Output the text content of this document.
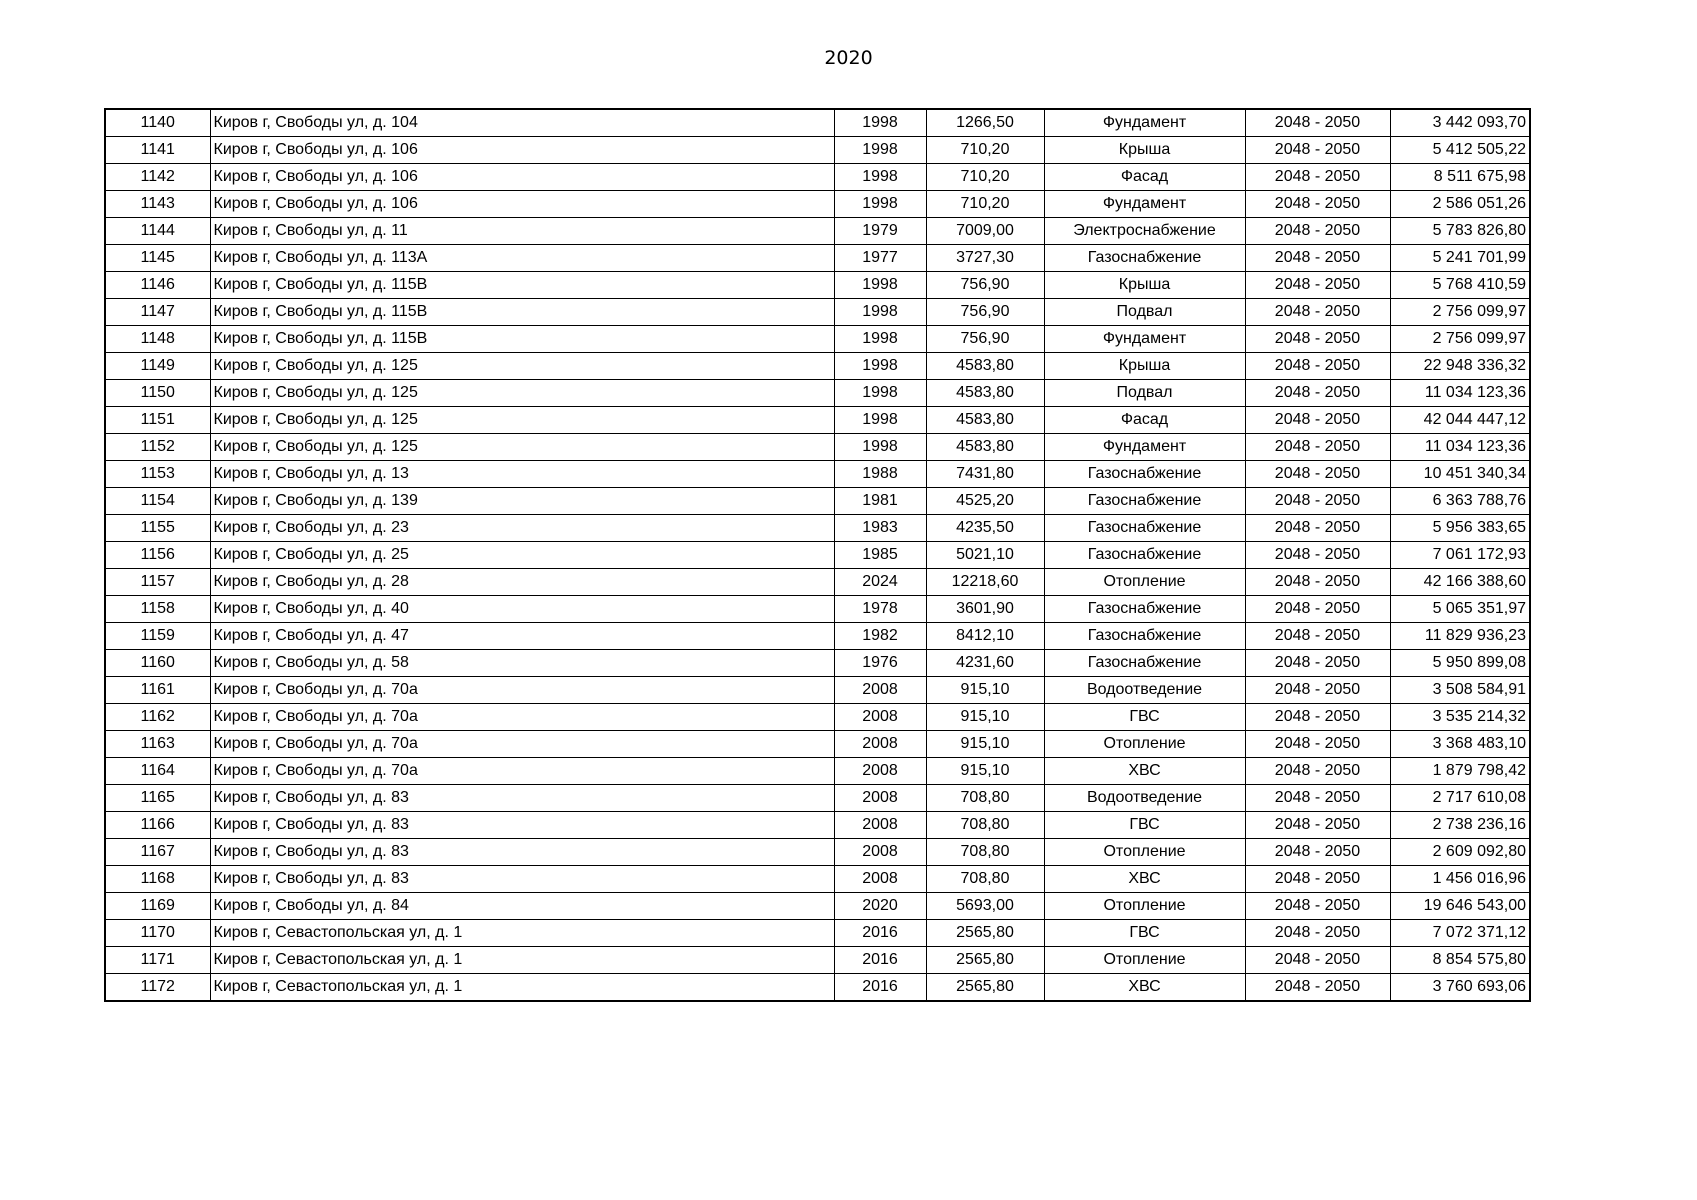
2020
1140	Киров г, Свободы ул, д. 104	1998	1266,50	Фундамент	2048 - 2050	3 442 093,70
1141	Киров г, Свободы ул, д. 106	1998	710,20	Крыша	2048 - 2050	5 412 505,22
1142	Киров г, Свободы ул, д. 106	1998	710,20	Фасад	2048 - 2050	8 511 675,98
1143	Киров г, Свободы ул, д. 106	1998	710,20	Фундамент	2048 - 2050	2 586 051,26
1144	Киров г, Свободы ул, д. 11	1979	7009,00	Электроснабжение	2048 - 2050	5 783 826,80
1145	Киров г, Свободы ул, д. 113А	1977	3727,30	Газоснабжение	2048 - 2050	5 241 701,99
1146	Киров г, Свободы ул, д. 115В	1998	756,90	Крыша	2048 - 2050	5 768 410,59
1147	Киров г, Свободы ул, д. 115В	1998	756,90	Подвал	2048 - 2050	2 756 099,97
1148	Киров г, Свободы ул, д. 115В	1998	756,90	Фундамент	2048 - 2050	2 756 099,97
1149	Киров г, Свободы ул, д. 125	1998	4583,80	Крыша	2048 - 2050	22 948 336,32
1150	Киров г, Свободы ул, д. 125	1998	4583,80	Подвал	2048 - 2050	11 034 123,36
1151	Киров г, Свободы ул, д. 125	1998	4583,80	Фасад	2048 - 2050	42 044 447,12
1152	Киров г, Свободы ул, д. 125	1998	4583,80	Фундамент	2048 - 2050	11 034 123,36
1153	Киров г, Свободы ул, д. 13	1988	7431,80	Газоснабжение	2048 - 2050	10 451 340,34
1154	Киров г, Свободы ул, д. 139	1981	4525,20	Газоснабжение	2048 - 2050	6 363 788,76
1155	Киров г, Свободы ул, д. 23	1983	4235,50	Газоснабжение	2048 - 2050	5 956 383,65
1156	Киров г, Свободы ул, д. 25	1985	5021,10	Газоснабжение	2048 - 2050	7 061 172,93
1157	Киров г, Свободы ул, д. 28	2024	12218,60	Отопление	2048 - 2050	42 166 388,60
1158	Киров г, Свободы ул, д. 40	1978	3601,90	Газоснабжение	2048 - 2050	5 065 351,97
1159	Киров г, Свободы ул, д. 47	1982	8412,10	Газоснабжение	2048 - 2050	11 829 936,23
1160	Киров г, Свободы ул, д. 58	1976	4231,60	Газоснабжение	2048 - 2050	5 950 899,08
1161	Киров г, Свободы ул, д. 70а	2008	915,10	Водоотведение	2048 - 2050	3 508 584,91
1162	Киров г, Свободы ул, д. 70а	2008	915,10	ГВС	2048 - 2050	3 535 214,32
1163	Киров г, Свободы ул, д. 70а	2008	915,10	Отопление	2048 - 2050	3 368 483,10
1164	Киров г, Свободы ул, д. 70а	2008	915,10	ХВС	2048 - 2050	1 879 798,42
1165	Киров г, Свободы ул, д. 83	2008	708,80	Водоотведение	2048 - 2050	2 717 610,08
1166	Киров г, Свободы ул, д. 83	2008	708,80	ГВС	2048 - 2050	2 738 236,16
1167	Киров г, Свободы ул, д. 83	2008	708,80	Отопление	2048 - 2050	2 609 092,80
1168	Киров г, Свободы ул, д. 83	2008	708,80	ХВС	2048 - 2050	1 456 016,96
1169	Киров г, Свободы ул, д. 84	2020	5693,00	Отопление	2048 - 2050	19 646 543,00
1170	Киров г, Севастопольская ул, д. 1	2016	2565,80	ГВС	2048 - 2050	7 072 371,12
1171	Киров г, Севастопольская ул, д. 1	2016	2565,80	Отопление	2048 - 2050	8 854 575,80
1172	Киров г, Севастопольская ул, д. 1	2016	2565,80	ХВС	2048 - 2050	3 760 693,06
